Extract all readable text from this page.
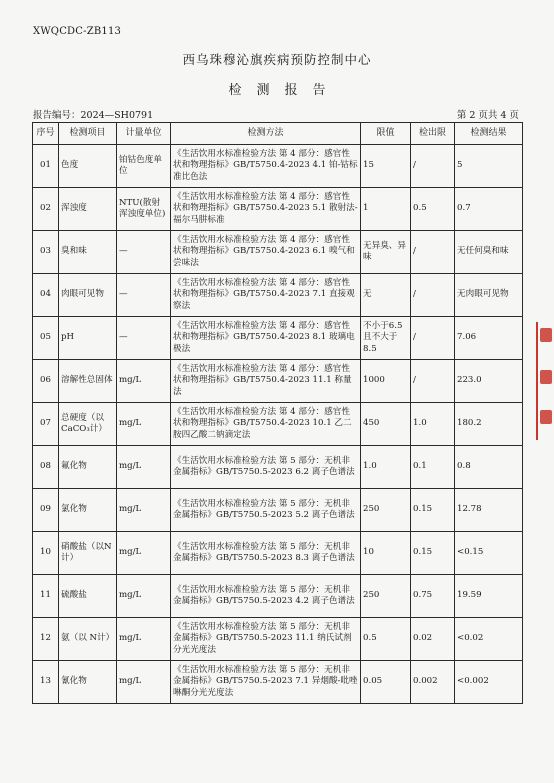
XWQCDC-ZB113
西乌珠穆沁旗疾病预防控制中心
检测报告
报告编号：2024—SH0791	第 2 页共 4 页
序号	检测项目	计量单位	检测方法	限值	检出限	检测结果
01	色度	铂钴色度单位	《生活饮用水标准检验方法 第 4 部分：感官性状和物理指标》GB/T5750.4-2023 4.1 铂-钴标准比色法	15	/	5
02	浑浊度	NTU(散射浑浊度单位)	《生活饮用水标准检验方法 第 4 部分：感官性状和物理指标》GB/T5750.4-2023 5.1 散射法-福尔马肼标准	1	0.5	0.7
03	臭和味	—	《生活饮用水标准检验方法 第 4 部分：感官性状和物理指标》GB/T5750.4-2023 6.1 嗅气和尝味法	无异臭、异味	/	无任何臭和味
04	肉眼可见物	—	《生活饮用水标准检验方法 第 4 部分：感官性状和物理指标》GB/T5750.4-2023 7.1 直接观察法	无	/	无肉眼可见物
05	pH	—	《生活饮用水标准检验方法 第 4 部分：感官性状和物理指标》GB/T5750.4-2023 8.1 玻璃电极法	不小于6.5 且不大于 8.5	/	7.06
06	溶解性总固体	mg/L	《生活饮用水标准检验方法 第 4 部分：感官性状和物理指标》GB/T5750.4-2023 11.1 称量法	1000	/	223.0
07	总硬度（以CaCO₃计）	mg/L	《生活饮用水标准检验方法 第 4 部分：感官性状和物理指标》GB/T5750.4-2023 10.1 乙二胺四乙酸二钠滴定法	450	1.0	180.2
08	氟化物	mg/L	《生活饮用水标准检验方法 第 5 部分：无机非金属指标》GB/T5750.5-2023 6.2 离子色谱法	1.0	0.1	0.8
09	氯化物	mg/L	《生活饮用水标准检验方法 第 5 部分：无机非金属指标》GB/T5750.5-2023 5.2 离子色谱法	250	0.15	12.78
10	硝酸盐（以N 计）	mg/L	《生活饮用水标准检验方法 第 5 部分：无机非金属指标》GB/T5750.5-2023 8.3 离子色谱法	10	0.15	<0.15
11	硫酸盐	mg/L	《生活饮用水标准检验方法 第 5 部分：无机非金属指标》GB/T5750.5-2023 4.2 离子色谱法	250	0.75	19.59
12	氨（以 N计）	mg/L	《生活饮用水标准检验方法 第 5 部分：无机非金属指标》GB/T5750.5-2023 11.1 纳氏试剂分光光度法	0.5	0.02	<0.02
13	氰化物	mg/L	《生活饮用水标准检验方法 第 5 部分：无机非金属指标》GB/T5750.5-2023 7.1 异烟酸-吡唑啉酮分光光度法	0.05	0.002	<0.002
